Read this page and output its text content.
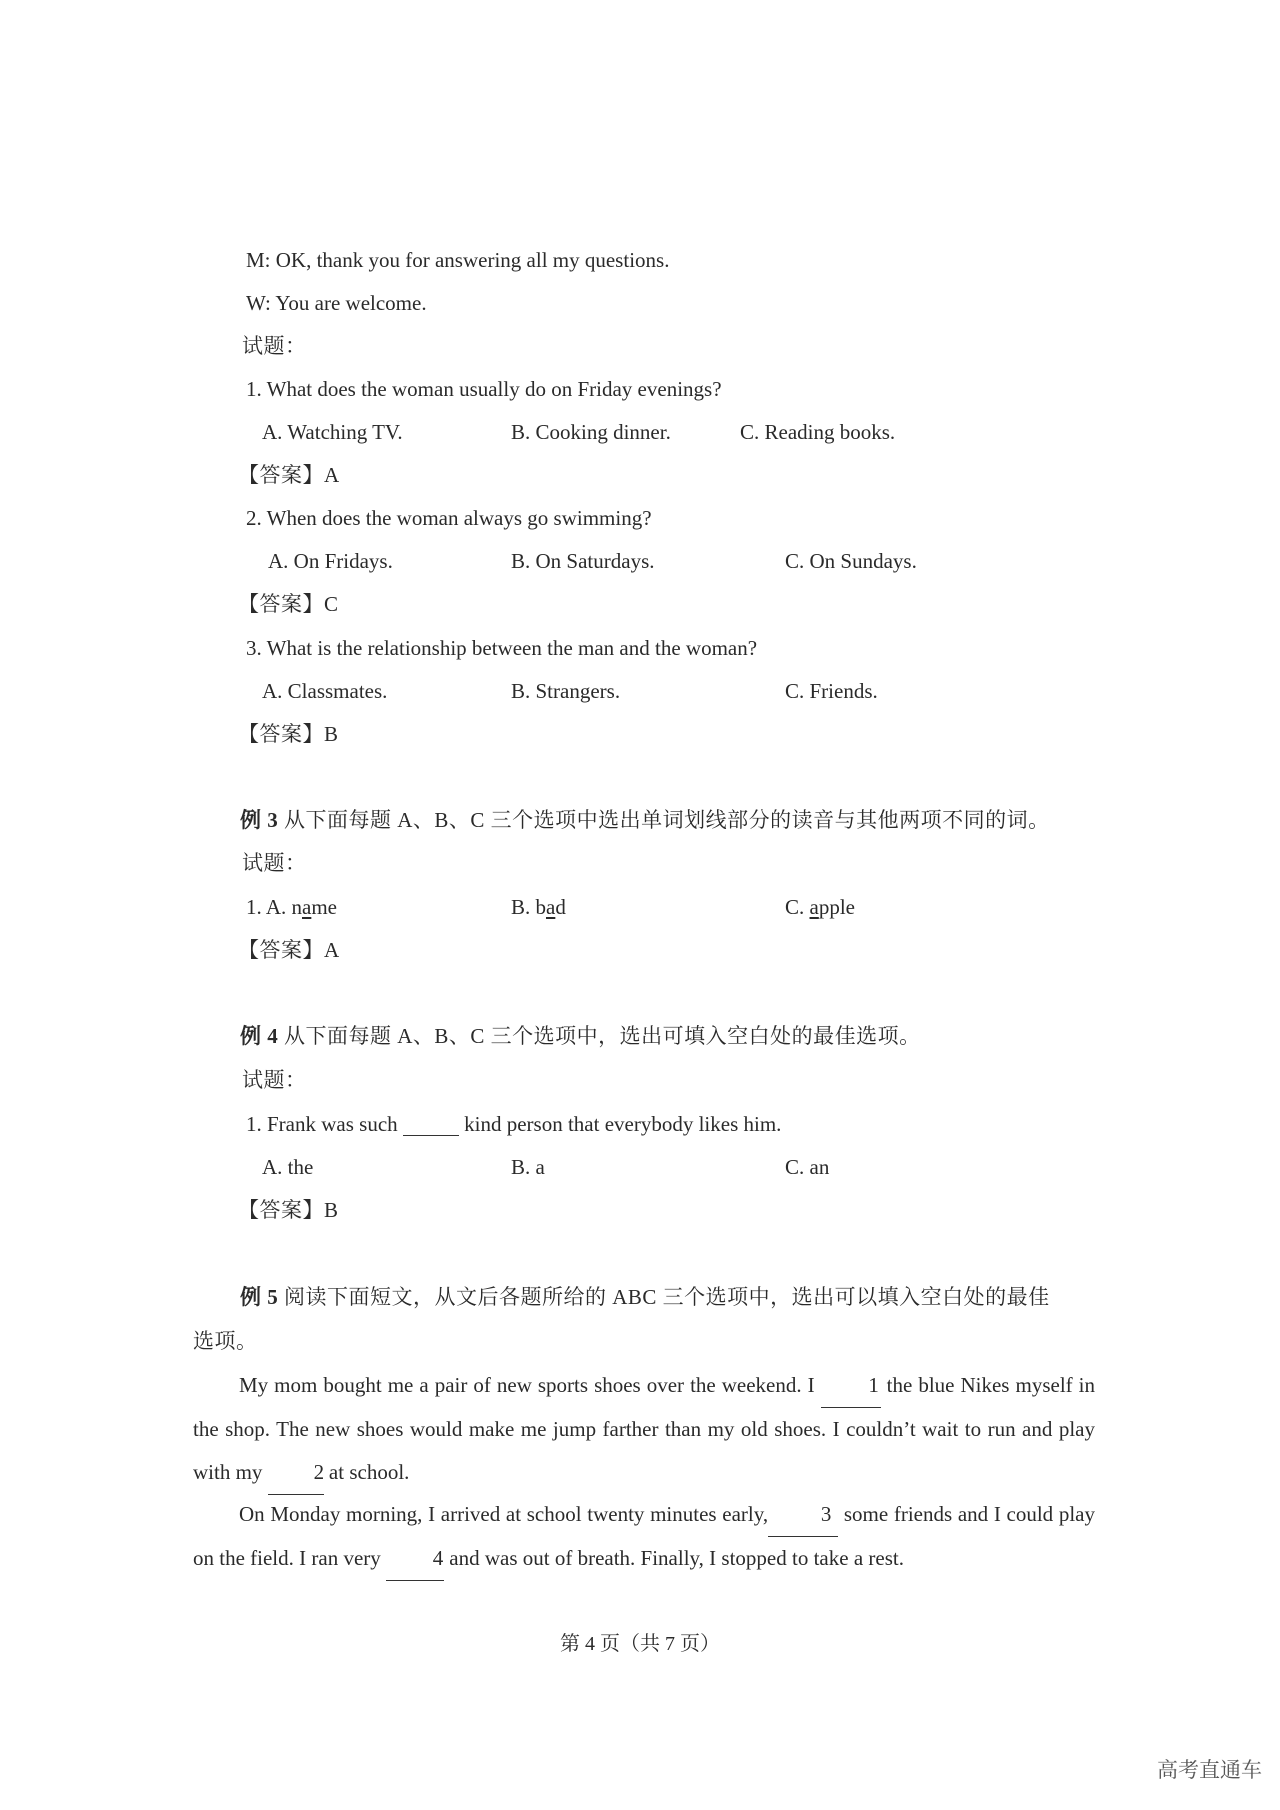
M: OK, thank you for answering all my questions.
W: You are welcome.
试题：
1. What does the woman usually do on Friday evenings?
A. Watching TV.	B. Cooking dinner.	C. Reading books.
【答案】A
2. When does the woman always go swimming?
A. On Fridays.	B. On Saturdays.	C. On Sundays.
【答案】C
3. What is the relationship between the man and the woman?
A. Classmates.	B. Strangers.	C. Friends.
【答案】B
例 3 从下面每题 A、B、C 三个选项中选出单词划线部分的读音与其他两项不同的词。
试题：
1. A. name	B. bad	C. apple
【答案】A
例 4 从下面每题 A、B、C 三个选项中，选出可填入空白处的最佳选项。
试题：
1. Frank was such	kind person that everybody likes him.
A. the	B. a	C. an
【答案】B
例 5 阅读下面短文，从文后各题所给的 ABC 三个选项中，选出可以填入空白处的最佳
选项。
My mom bought me a pair of new sports shoes over the weekend. I	1 the blue Nikes myself in the shop. The new shoes would make me jump farther than my old shoes. I couldn’t wait to run and play with my 2 at school.
On Monday morning, I arrived at school twenty minutes early,	3 some friends and I could play on the field. I ran very 4 and was out of breath. Finally, I stopped to take a rest.
第 4 页（共 7 页）
高考直通车
